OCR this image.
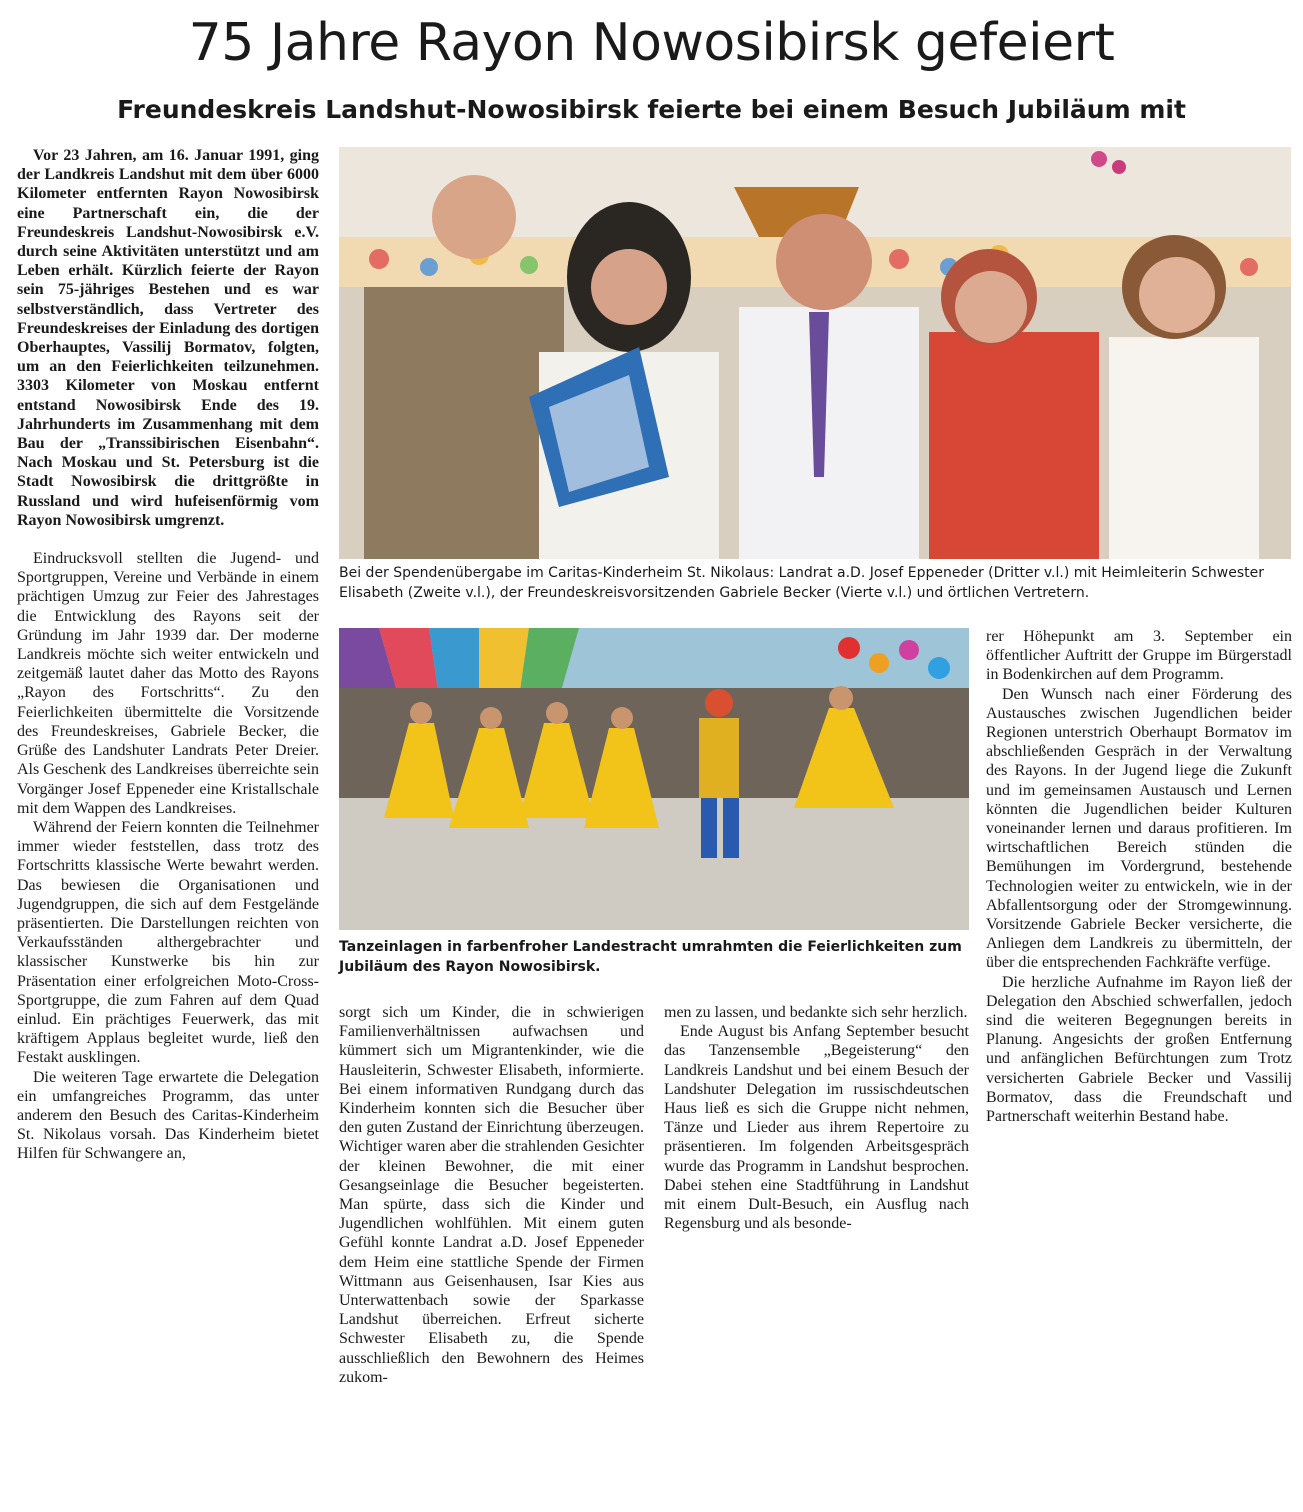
75 Jahre Rayon Nowosibirsk gefeiert
Freundeskreis Landshut-Nowosibirsk feierte bei einem Besuch Jubiläum mit

Vor 23 Jahren, am 16. Januar 1991, ging der Landkreis Landshut mit dem über 6000 Kilometer entfernten Rayon Nowosibirsk eine Partnerschaft ein, die der Freundeskreis Landshut-Nowosibirsk e.V. durch seine Aktivitäten unterstützt und am Leben erhält. Kürzlich feierte der Rayon sein 75-jähriges Bestehen und es war selbstverständlich, dass Vertreter des Freundeskreises der Einladung des dortigen Oberhauptes, Vassilij Bormatov, folgten, um an den Feierlichkeiten teilzunehmen. 3303 Kilometer von Moskau entfernt entstand Nowosibirsk Ende des 19. Jahrhunderts im Zusammenhang mit dem Bau der „Transsibirischen Eisenbahn“. Nach Moskau und St. Petersburg ist die Stadt Nowosibirsk die drittgrößte in Russland und wird hufeisenförmig vom Rayon Nowosibirsk umgrenzt.

Eindrucksvoll stellten die Jugend- und Sportgruppen, Vereine und Verbände in einem prächtigen Umzug zur Feier des Jahrestages die Entwicklung des Rayons seit der Gründung im Jahr 1939 dar. Der moderne Landkreis möchte sich weiter entwickeln und zeitgemäß lautet daher das Motto des Rayons „Rayon des Fortschritts“. Zu den Feierlichkeiten übermittelte die Vorsitzende des Freundeskreises, Gabriele Becker, die Grüße des Landshuter Landrats Peter Dreier. Als Geschenk des Landkreises überreichte sein Vorgänger Josef Eppeneder eine Kristallschale mit dem Wappen des Landkreises.

Während der Feiern konnten die Teilnehmer immer wieder feststellen, dass trotz des Fortschritts klassische Werte bewahrt werden. Das bewiesen die Organisationen und Jugendgruppen, die sich auf dem Festgelände präsentierten. Die Darstellungen reichten von Verkaufsständen althergebrachter und klassischer Kunstwerke bis hin zur Präsentation einer erfolgreichen Moto-Cross-Sportgruppe, die zum Fahren auf dem Quad einlud. Ein prächtiges Feuerwerk, das mit kräftigem Applaus begleitet wurde, ließ den Festakt ausklingen.

Die weiteren Tage erwartete die Delegation ein umfangreiches Programm, das unter anderem den Besuch des Caritas-Kinderheim St. Nikolaus vorsah. Das Kinderheim bietet Hilfen für Schwangere an,

Bei der Spendenübergabe im Caritas-Kinderheim St. Nikolaus: Landrat a.D. Josef Eppeneder (Dritter v.l.) mit Heimleiterin Schwester Elisabeth (Zweite v.l.), der Freundeskreisvorsitzenden Gabriele Becker (Vierte v.l.) und örtlichen Vertretern.
Tanzeinlagen in farbenfroher Landestracht umrahmten die Feierlichkeiten zum Jubiläum des Rayon Nowosibirsk.

sorgt sich um Kinder, die in schwierigen Familienverhältnissen aufwachsen und kümmert sich um Migrantenkinder, wie die Hausleiterin, Schwester Elisabeth, informierte. Bei einem informativen Rundgang durch das Kinderheim konnten sich die Besucher über den guten Zustand der Einrichtung überzeugen. Wichtiger waren aber die strahlenden Gesichter der kleinen Bewohner, die mit einer Gesangseinlage die Besucher begeisterten. Man spürte, dass sich die Kinder und Jugendlichen wohlfühlen. Mit einem guten Gefühl konnte Landrat a.D. Josef Eppeneder dem Heim eine stattliche Spende der Firmen Wittmann aus Geisenhausen, Isar Kies aus Unterwattenbach sowie der Sparkasse Landshut überreichen. Erfreut sicherte Schwester Elisabeth zu, die Spende ausschließlich den Bewohnern des Heimes zukom-

men zu lassen, und bedankte sich sehr herzlich.

Ende August bis Anfang September besucht das Tanzensemble „Begeisterung“ den Landkreis Landshut und bei einem Besuch der Landshuter Delegation im russischdeutschen Haus ließ es sich die Gruppe nicht nehmen, Tänze und Lieder aus ihrem Repertoire zu präsentieren. Im folgenden Arbeitsgespräch wurde das Programm in Landshut besprochen. Dabei stehen eine Stadtführung in Landshut mit einem Dult-Besuch, ein Ausflug nach Regensburg und als besonde-

rer Höhepunkt am 3. September ein öffentlicher Auftritt der Gruppe im Bürgerstadl in Bodenkirchen auf dem Programm.

Den Wunsch nach einer Förderung des Austausches zwischen Jugendlichen beider Regionen unterstrich Oberhaupt Bormatov im abschließenden Gespräch in der Verwaltung des Rayons. In der Jugend liege die Zukunft und im gemeinsamen Austausch und Lernen könnten die Jugendlichen beider Kulturen voneinander lernen und daraus profitieren. Im wirtschaftlichen Bereich stünden die Bemühungen im Vordergrund, bestehende Technologien weiter zu entwickeln, wie in der Abfallentsorgung oder der Stromgewinnung. Vorsitzende Gabriele Becker versicherte, die Anliegen dem Landkreis zu übermitteln, der über die entsprechenden Fachkräfte verfüge.

Die herzliche Aufnahme im Rayon ließ der Delegation den Abschied schwerfallen, jedoch sind die weiteren Begegnungen bereits in Planung. Angesichts der großen Entfernung und anfänglichen Befürchtungen zum Trotz versicherten Gabriele Becker und Vassilij Bormatov, dass die Freundschaft und Partnerschaft weiterhin Bestand habe.
